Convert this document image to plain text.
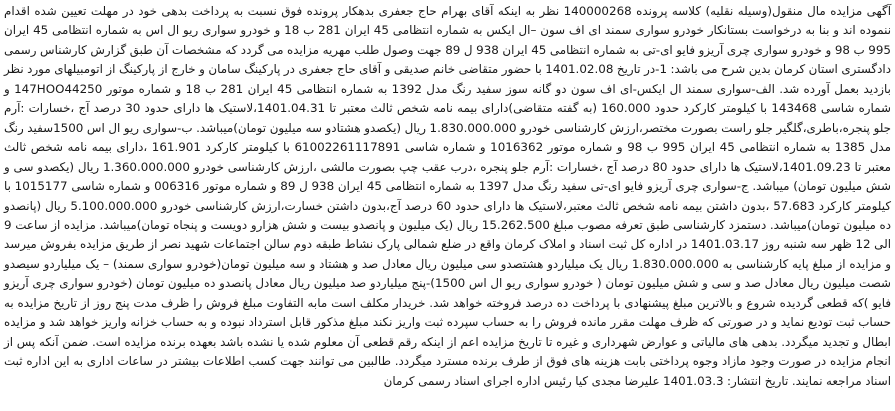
آگهی مزایده مال منقول(وسیله نقلیه) کلاسه پرونده 140000268 نظر به اینکه آقای بهرام حاج جعفری بدهکار پرونده فوق نسبت به پرداخت بدهی خود در مهلت تعیین شده اقدام ننموده اند و بنا به درخواست بستانکار خودرو سواری سمند ای اف سون –ال ایکس به شماره انتظامی 45 ایران 281 ب 18 و خودرو سواری ریو ال اس به شماره انتظامی 45 ایران 995 ب 98 و خودرو سواری چری آریزو فایو ای-تی به شماره انتظامی 45 ایران 938 ل 89 جهت وصول طلب مهریه مزایده می گردد که مشخصات آن طبق گزارش کارشناس رسمی دادگستری استان کرمان بدین شرح می باشد: 1-در تاریخ 1401.02.08 با حضور متقاضی خانم صدیقی و آقای حاج جعفری در پارکینگ سامان و خارج از پارکینگ از اتومبیلهای مورد نظر بازدید بعمل آورده شد. الف-سواری سمند ال ایکس-ای اف سون دو گانه سوز سفید رنگ مدل 1392 به شماره انتظامی 45 ایران 281 ب 18 و شماره موتور 147HOO44250 و شماره شاسی 143468 با کیلومتر کارکرد حدود 160.000 (به گفته متقاضی)دارای بیمه نامه شخص ثالث معتبر تا 1401.04.31،لاستیک ها دارای حدود 30 درصد آج ،خسارات :آرم جلو پنجره،باطری،گلگیر جلو راست بصورت مختصر،ارزش کارشناسی خودرو 1.830.000.000 ریال (یکصدو هشتادو سه میلیون تومان)میباشد. ب-سواری ریو ال اس 1500سفید رنگ مدل 1385 به شماره انتظامی 45 ایران 995 ب 98 و شماره موتور 1016362 و شماره شاسی 61002261117891 با کیلومتر کارکرد 161.901 ،دارای بیمه نامه شخص ثالث معتبر تا 1401.09.23،لاستیک ها دارای حدود 80 درصد آج ،خسارات :آرم جلو پنجره ،درب عقب چپ بصورت مالشی ،ارزش کارشناسی خودرو 1.360.000.000 ریال (یکصدو سی و شش میلیون تومان) میباشد. ج-سواری چری آریزو فایو ای-تی سفید رنگ مدل 1397 به شماره انتظامی 45 ایران 938 ل 89 و شماره موتور 006316 و شماره شاسی 1015177 با کیلومتر کارکرد 57.683 ،بدون داشتن بیمه نامه شخص ثالث معتبر،لاستیک ها دارای حدود 60 درصد آج،بدون داشتن خسارت،ارزش کارشناسی خودرو 5.100.000.000 ریال (پانصدو ده میلیون تومان)میباشد. دستمزد کارشناسی طبق تعرفه مصوب مبلغ 15.262.500 ریال (یک میلیون و پانصدو بیست و شش هزارو دویست و پنجاه تومان)میباشد. مزایده از ساعت 9 الی 12 ظهر سه شنبه روز 1401.03.17 در اداره کل ثبت اسناد و املاک کرمان واقع در ضلع شمالی پارک نشاط طبقه دوم سالن اجتماعات شهید نصر از طریق مزایده بفروش میرسد و مزایده از مبلغ پایه کارشناسی به 1.830.000.000 ریال یک میلیاردو هشتصدو سی میلیون ریال معادل صد و هشتاد و سه میلیون تومان(خودرو سواری سمند) – یک میلیاردو سیصدو شصت میلیون ریال معادل صد و سی و شش میلیون تومان ( خودرو سواری ریو ال اس 1500)-پنج میلیاردو صد میلیون ریال معادل پانصدو ده میلیون تومان (خودرو سواری چری آریزو فایو )که قطعی گردیده شروع و بالاترین مبلغ پیشنهادی با پرداخت ده درصد فروخته خواهد شد. خریدار مکلف است مابه التفاوت مبلغ فروش را ظرف مدت پنج روز از تاریخ مزایده به حساب ثبت تودیع نماید و در صورتی که ظرف مهلت مقرر مانده فروش را به حساب سپرده ثبت واریز نکند مبلغ مذکور قابل استرداد نبوده و به حساب خزانه واریز خواهد شد و مزایده ابطال و تجدید میگردد. بدهی های مالیاتی و عوارض شهرداری و غیره تا تاریخ مزایده اعم از اینکه رقم قطعی آن معلوم شده یا نشده باشد بعهده برنده مزایده است. ضمن آنکه پس از انجام مزایده در صورت وجود مازاد وجوه پرداختی بابت هزینه های فوق از طرف برنده مسترد میگردد. طالبین می توانند جهت کسب اطلاعات بیشتر در ساعات اداری به این اداره ثبت اسناد مراجعه نمایند. تاریخ انتشار: 1401.03.3 علیرضا مجدی کیا رئیس اداره اجرای اسناد رسمی کرمان
